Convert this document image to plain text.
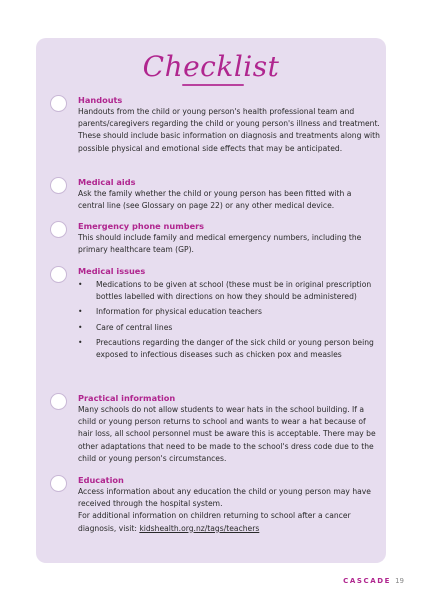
Checklist
Handouts
Handouts from the child or young person's health professional team and parents/caregivers regarding the child or young person's illness and treatment. These should include basic information on diagnosis and treatments along with possible physical and emotional side effects that may be anticipated.
Medical aids
Ask the family whether the child or young person has been fitted with a central line (see Glossary on page 22) or any other medical device.
Emergency phone numbers
This should include family and medical emergency numbers, including the primary healthcare team (GP).
Medical issues
• Medications to be given at school (these must be in original prescription bottles labelled with directions on how they should be administered)
• Information for physical education teachers
• Care of central lines
• Precautions regarding the danger of the sick child or young person being exposed to infectious diseases such as chicken pox and measles
Practical information
Many schools do not allow students to wear hats in the school building. If a child or young person returns to school and wants to wear a hat because of hair loss, all school personnel must be aware this is acceptable. There may be other adaptations that need to be made to the school's dress code due to the child or young person's circumstances.
Education
Access information about any education the child or young person may have received through the hospital system.
For additional information on children returning to school after a cancer diagnosis, visit: kidshealth.org.nz/tags/teachers
CASCADE 19
